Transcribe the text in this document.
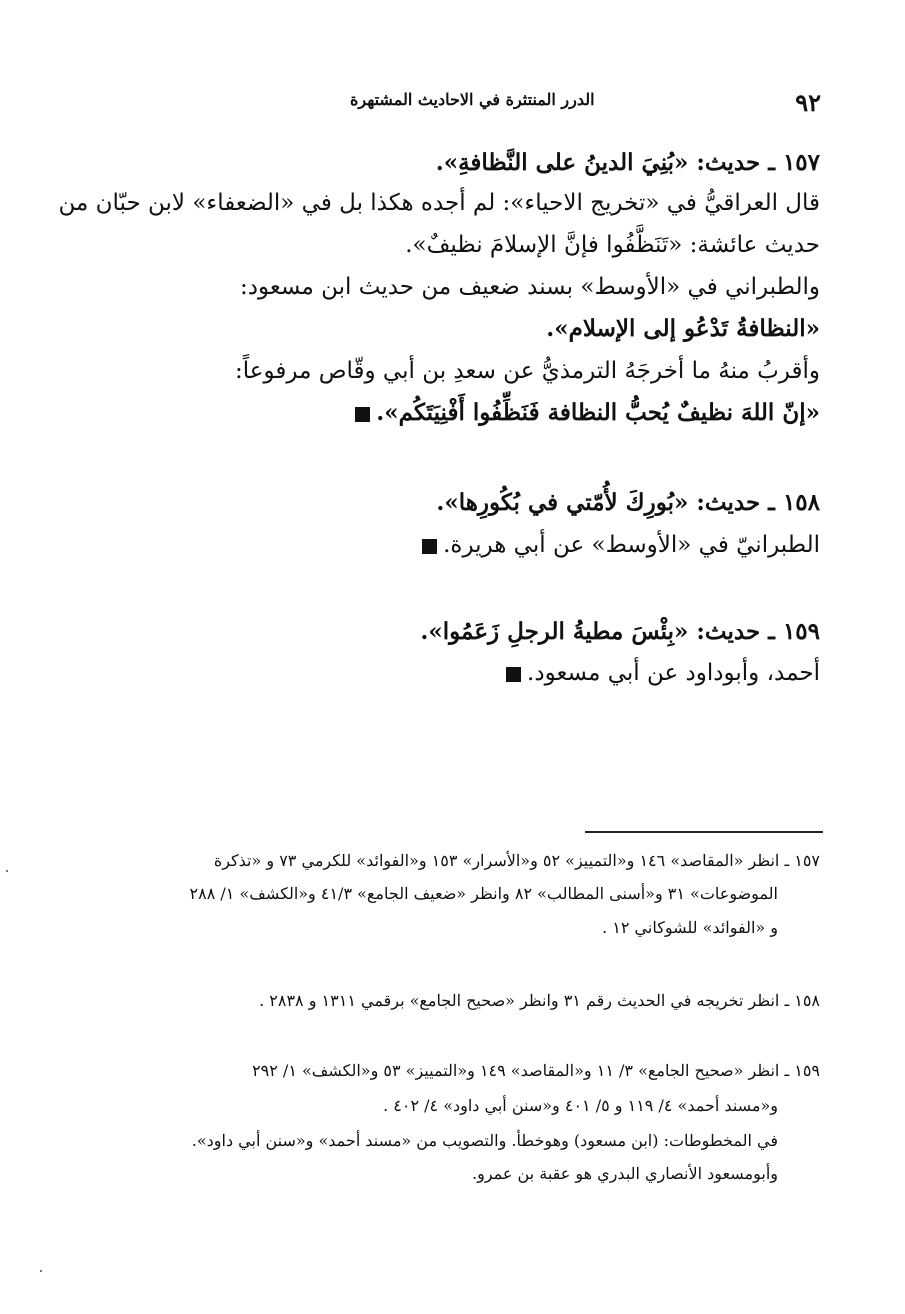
٩٢
الدرر المنتثرة في الاحاديث المشتهرة
١٥٧ ـ حديث: «بُنِيَ الدينُ على النَّظافةِ».
قال العراقيُّ في «تخريج الاحياء»: لم أجده هكذا بل في «الضعفاء» لابن حبّان من
حديث عائشة: «تَنَظَّفُوا فإنَّ الإسلامَ نظيفٌ».
والطبراني في «الأوسط» بسند ضعيف من حديث ابن مسعود:
«النظافةُ تَدْعُو إلى الإسلام».
وأقربُ منهُ ما أخرجَهُ الترمذيُّ عن سعدِ بن أبي وقّاص مرفوعاً:
«إنّ اللهَ نظيفٌ يُحبُّ النظافة فَنَظِّفُوا أَفْنِيَتَكُم».
١٥٨ ـ حديث: «بُورِكَ لأُمّتي في بُكُورِها».
الطبرانيّ في «الأوسط» عن أبي هريرة.
١٥٩ ـ حديث: «بِئْسَ مطيةُ الرجلِ زَعَمُوا».
أحمد، وأبوداود عن أبي مسعود.
١٥٧ ـ انظر «المقاصد» ١٤٦ و«التمييز» ٥٢ و«الأسرار» ١٥٣ و«الفوائد» للكرمي ٧٣ و «تذكرة
الموضوعات» ٣١ و«أسنى المطالب» ٨٢ وانظر «ضعيف الجامع» ٤١/٣ و«الكشف» ١/ ٢٨٨
و «الفوائد» للشوكاني ١٢ .
١٥٨ ـ انظر تخريجه في الحديث رقم ٣١ وانظر «صحيح الجامع» برقمي ١٣١١ و ٢٨٣٨ .
١٥٩ ـ انظر «صحيح الجامع» ٣/ ١١ و«المقاصد» ١٤٩ و«التمييز» ٥٣ و«الكشف» ١/ ٢٩٢
و«مسند أحمد» ٤/ ١١٩ و ٥/ ٤٠١ و«سنن أبي داود» ٤/ ٤٠٢ .
في المخطوطات: (ابن مسعود) وهوخطأ. والتصويب من «مسند أحمد» و«سنن أبي داود».
وأبومسعود الأنصاري البدري هو عقبة بن عمرو.
